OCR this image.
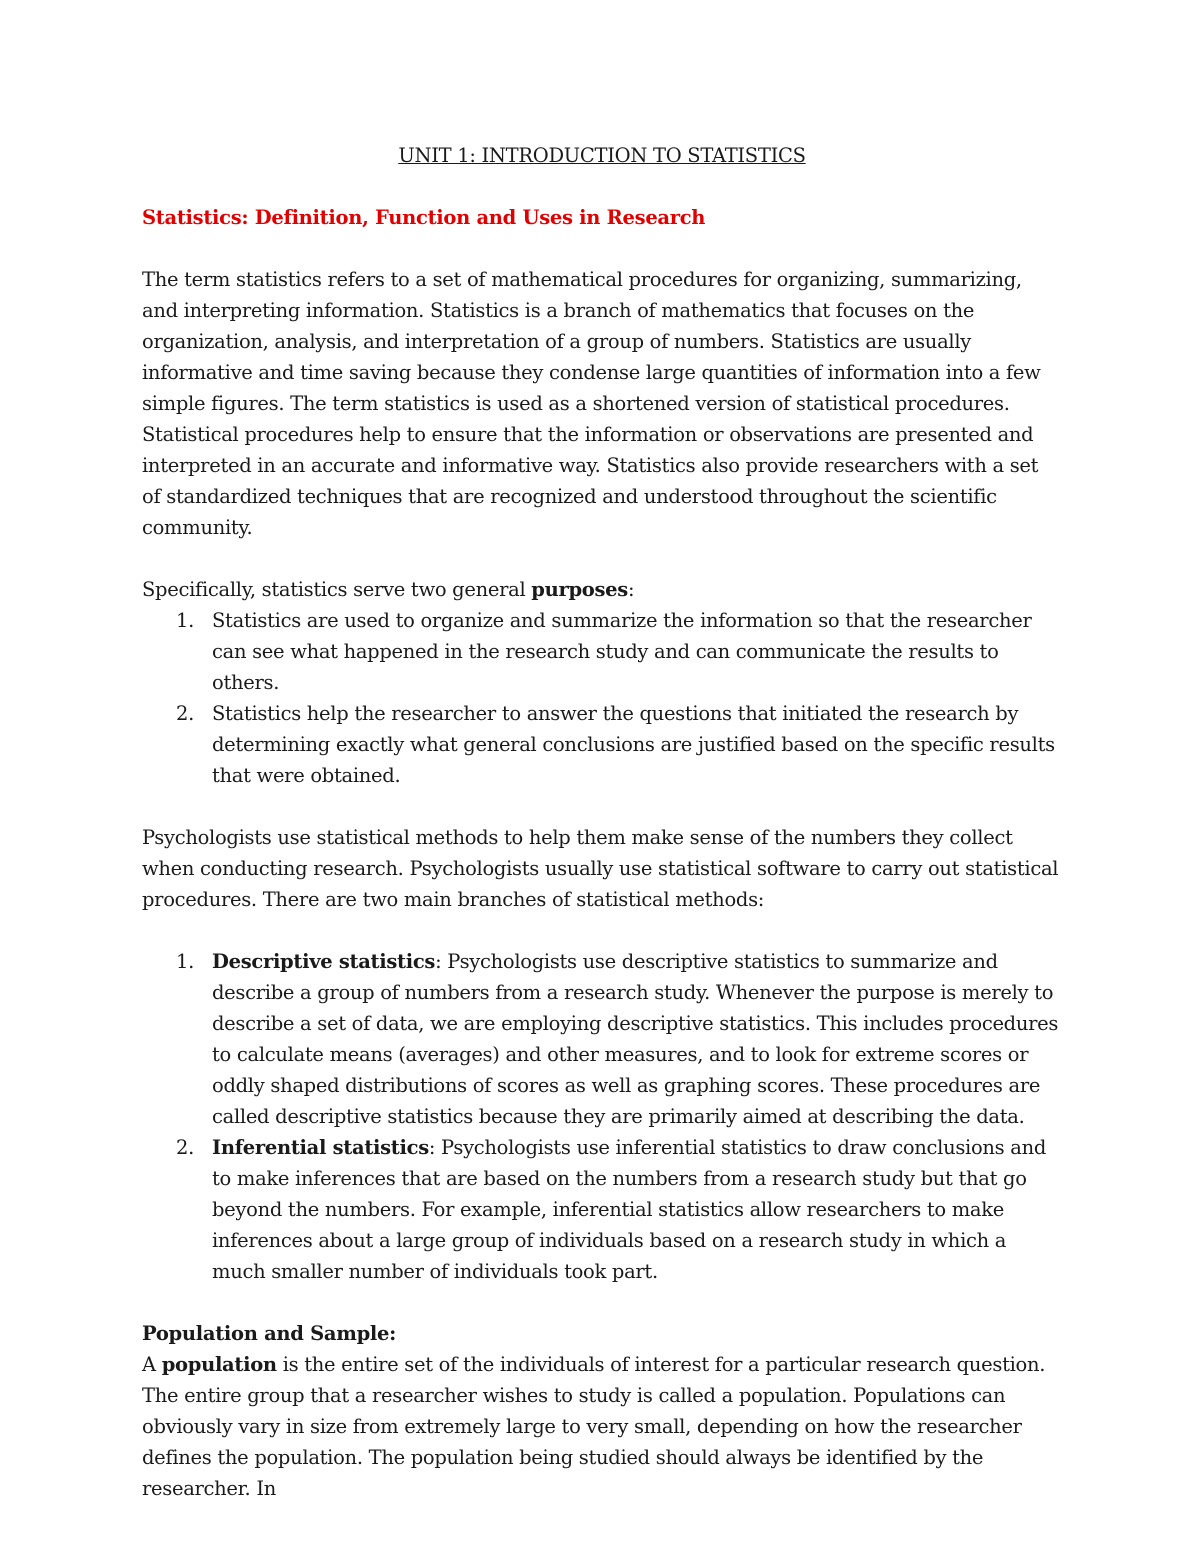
UNIT 1: INTRODUCTION TO STATISTICS
Statistics: Definition, Function and Uses in Research

The term statistics refers to a set of mathematical procedures for organizing, summarizing, and interpreting information. Statistics is a branch of mathematics that focuses on the organization, analysis, and interpretation of a group of numbers. Statistics are usually informative and time saving because they condense large quantities of information into a few simple figures. The term statistics is used as a shortened version of statistical procedures. Statistical procedures help to ensure that the information or observations are presented and interpreted in an accurate and informative way. Statistics also provide researchers with a set of standardized techniques that are recognized and understood throughout the scientific community.

Specifically, statistics serve two general purposes:

1. Statistics are used to organize and summarize the information so that the researcher can see what happened in the research study and can communicate the results to others.
2. Statistics help the researcher to answer the questions that initiated the research by determining exactly what general conclusions are justified based on the specific results that were obtained.

Psychologists use statistical methods to help them make sense of the numbers they collect when conducting research. Psychologists usually use statistical software to carry out statistical procedures. There are two main branches of statistical methods:

1. Descriptive statistics: Psychologists use descriptive statistics to summarize and describe a group of numbers from a research study. Whenever the purpose is merely to describe a set of data, we are employing descriptive statistics. This includes procedures to calculate means (averages) and other measures, and to look for extreme scores or oddly shaped distributions of scores as well as graphing scores. These procedures are called descriptive statistics because they are primarily aimed at describing the data.
2. Inferential statistics: Psychologists use inferential statistics to draw conclusions and to make inferences that are based on the numbers from a research study but that go beyond the numbers. For example, inferential statistics allow researchers to make inferences about a large group of individuals based on a research study in which a much smaller number of individuals took part.
Population and Sample:

A population is the entire set of the individuals of interest for a particular research question. The entire group that a researcher wishes to study is called a population. Populations can obviously vary in size from extremely large to very small, depending on how the researcher defines the population. The population being studied should always be identified by the researcher. In
